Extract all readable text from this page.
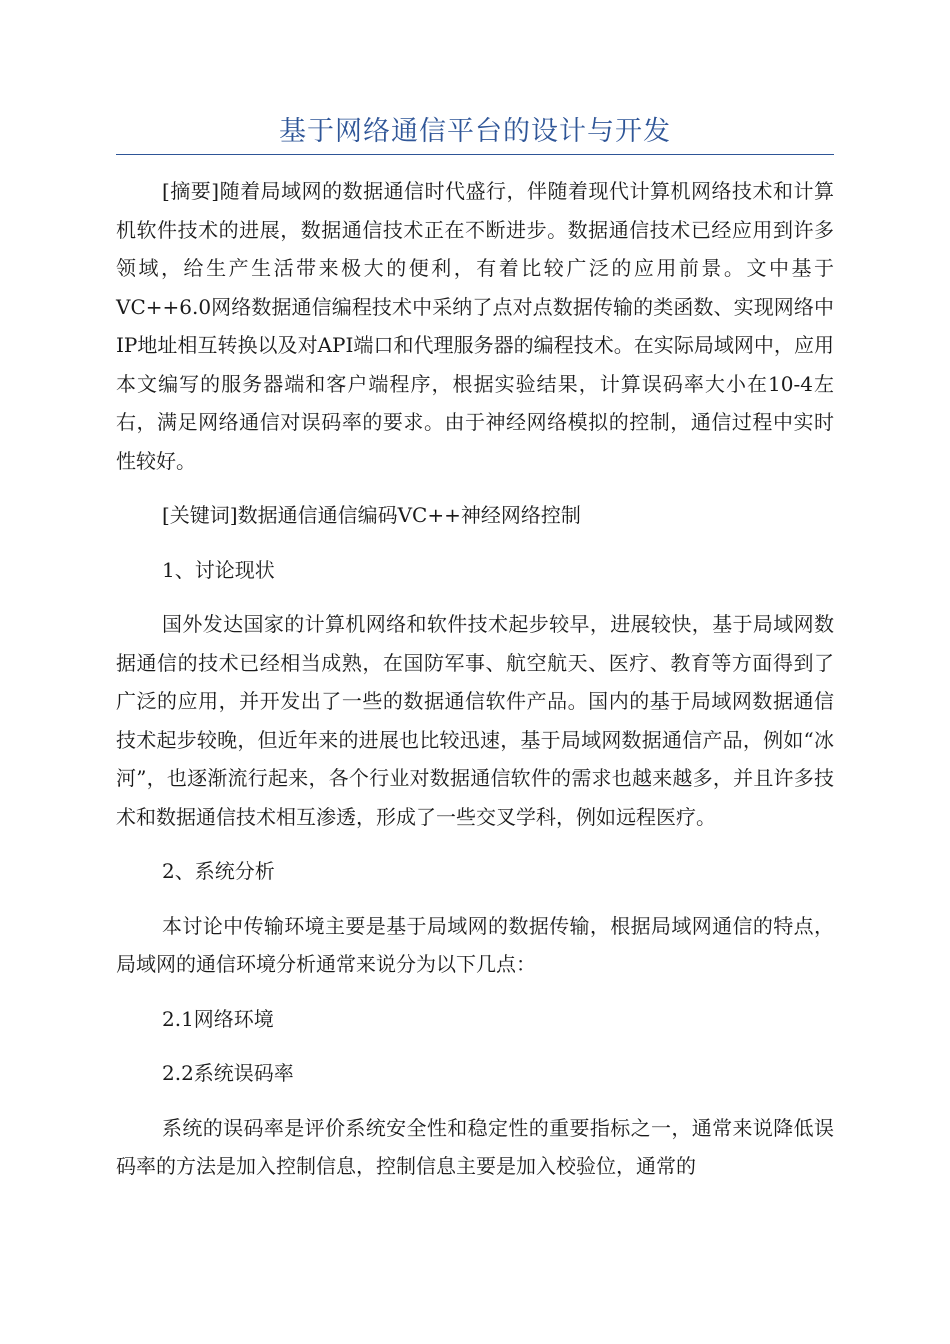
基于网络通信平台的设计与开发

[摘要]随着局域网的数据通信时代盛行，伴随着现代计算机网络技术和计算机软件技术的进展，数据通信技术正在不断进步。数据通信技术已经应用到许多领域，给生产生活带来极大的便利，有着比较广泛的应用前景。文中基于VC++6.0网络数据通信编程技术中采纳了点对点数据传输的类函数、实现网络中IP地址相互转换以及对API端口和代理服务器的编程技术。在实际局域网中，应用本文编写的服务器端和客户端程序，根据实验结果，计算误码率大小在10-4左右，满足网络通信对误码率的要求。由于神经网络模拟的控制，通信过程中实时性较好。

[关键词]数据通信通信编码VC++神经网络控制

1、讨论现状

国外发达国家的计算机网络和软件技术起步较早，进展较快，基于局域网数据通信的技术已经相当成熟，在国防军事、航空航天、医疗、教育等方面得到了广泛的应用，并开发出了一些的数据通信软件产品。国内的基于局域网数据通信技术起步较晚，但近年来的进展也比较迅速，基于局域网数据通信产品，例如“冰河”，也逐渐流行起来，各个行业对数据通信软件的需求也越来越多，并且许多技术和数据通信技术相互渗透，形成了一些交叉学科，例如远程医疗。

2、系统分析

本讨论中传输环境主要是基于局域网的数据传输，根据局域网通信的特点，局域网的通信环境分析通常来说分为以下几点：

2.1网络环境

2.2系统误码率

系统的误码率是评价系统安全性和稳定性的重要指标之一，通常来说降低误码率的方法是加入控制信息，控制信息主要是加入校验位，通常的
